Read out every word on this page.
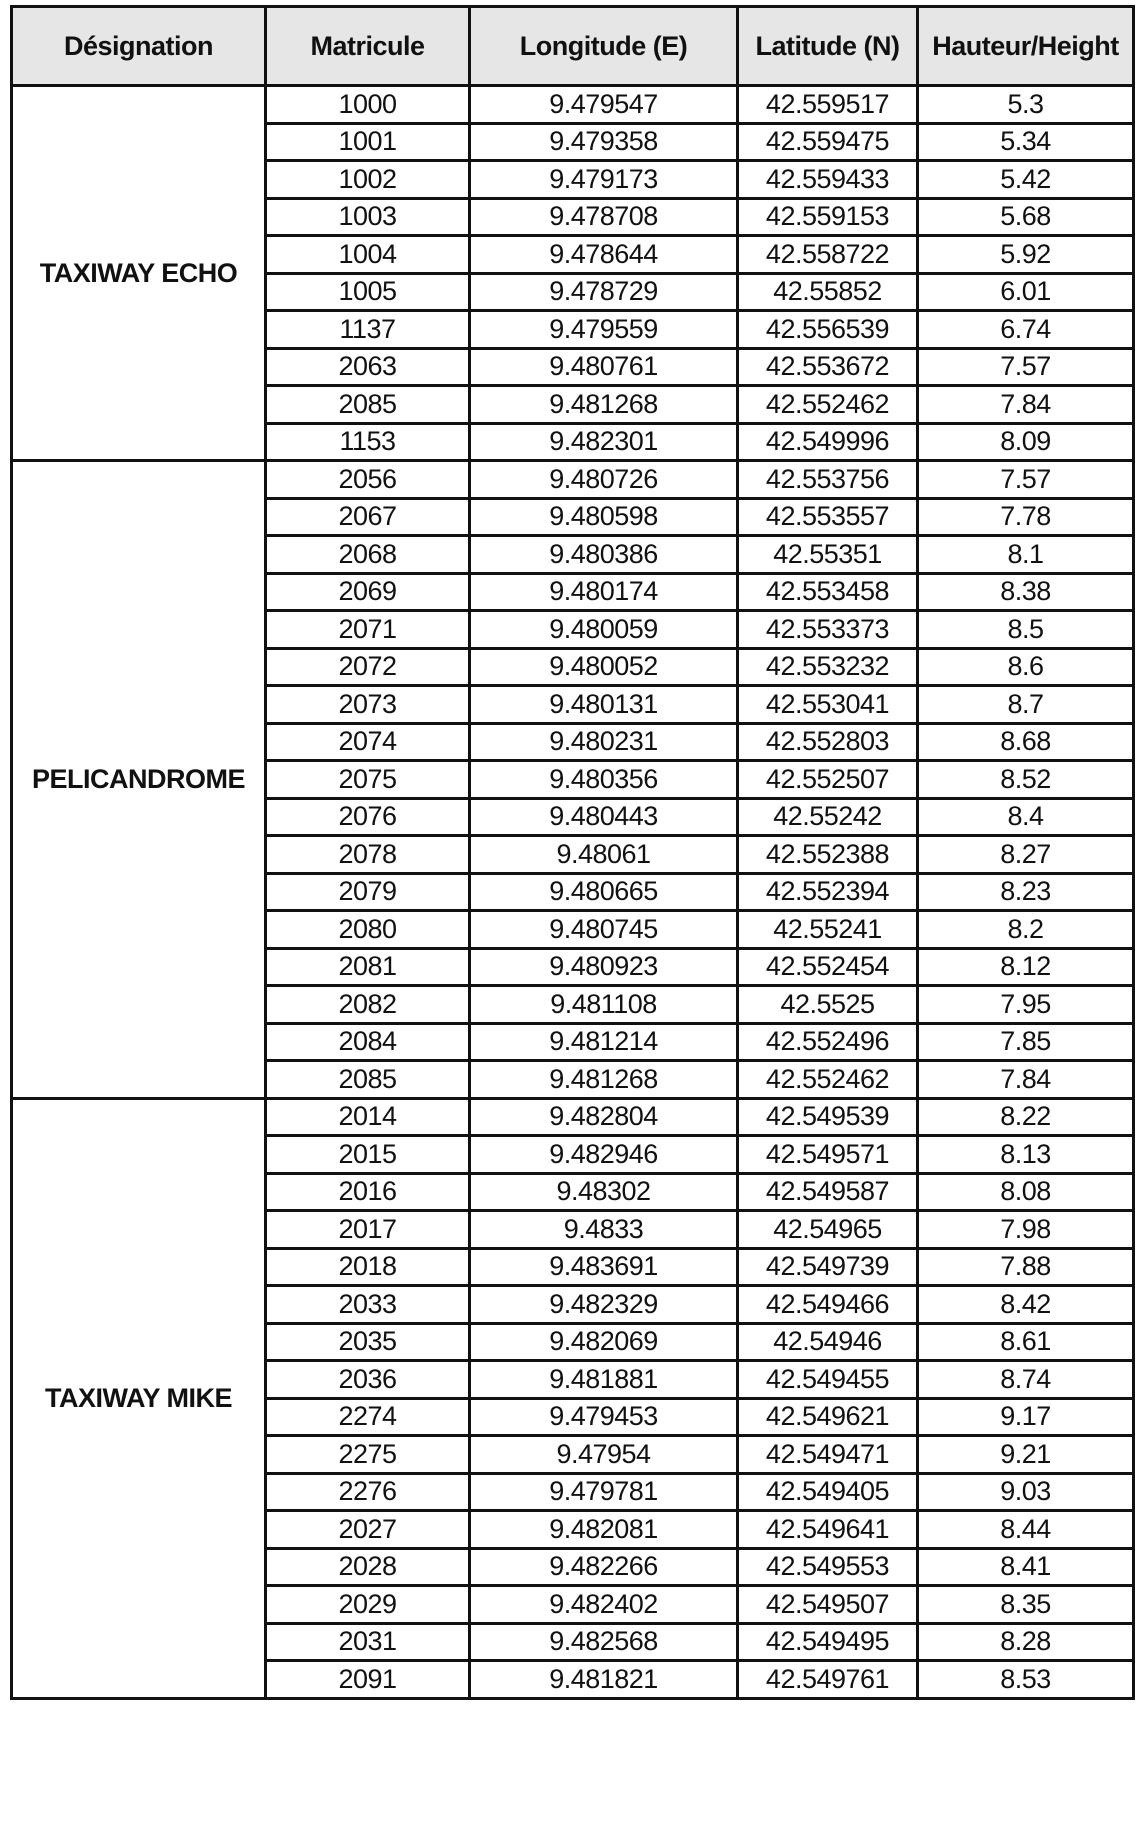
Désignation	Matricule	Longitude (E)	Latitude (N)	Hauteur/Height
TAXIWAY ECHO	1000	9.479547	42.559517	5.3
	1001	9.479358	42.559475	5.34
	1002	9.479173	42.559433	5.42
	1003	9.478708	42.559153	5.68
	1004	9.478644	42.558722	5.92
	1005	9.478729	42.55852	6.01
	1137	9.479559	42.556539	6.74
	2063	9.480761	42.553672	7.57
	2085	9.481268	42.552462	7.84
	1153	9.482301	42.549996	8.09
PELICANDROME	2056	9.480726	42.553756	7.57
	2067	9.480598	42.553557	7.78
	2068	9.480386	42.55351	8.1
	2069	9.480174	42.553458	8.38
	2071	9.480059	42.553373	8.5
	2072	9.480052	42.553232	8.6
	2073	9.480131	42.553041	8.7
	2074	9.480231	42.552803	8.68
	2075	9.480356	42.552507	8.52
	2076	9.480443	42.55242	8.4
	2078	9.48061	42.552388	8.27
	2079	9.480665	42.552394	8.23
	2080	9.480745	42.55241	8.2
	2081	9.480923	42.552454	8.12
	2082	9.481108	42.5525	7.95
	2084	9.481214	42.552496	7.85
	2085	9.481268	42.552462	7.84
TAXIWAY MIKE	2014	9.482804	42.549539	8.22
	2015	9.482946	42.549571	8.13
	2016	9.48302	42.549587	8.08
	2017	9.4833	42.54965	7.98
	2018	9.483691	42.549739	7.88
	2033	9.482329	42.549466	8.42
	2035	9.482069	42.54946	8.61
	2036	9.481881	42.549455	8.74
	2274	9.479453	42.549621	9.17
	2275	9.47954	42.549471	9.21
	2276	9.479781	42.549405	9.03
	2027	9.482081	42.549641	8.44
	2028	9.482266	42.549553	8.41
	2029	9.482402	42.549507	8.35
	2031	9.482568	42.549495	8.28
	2091	9.481821	42.549761	8.53
